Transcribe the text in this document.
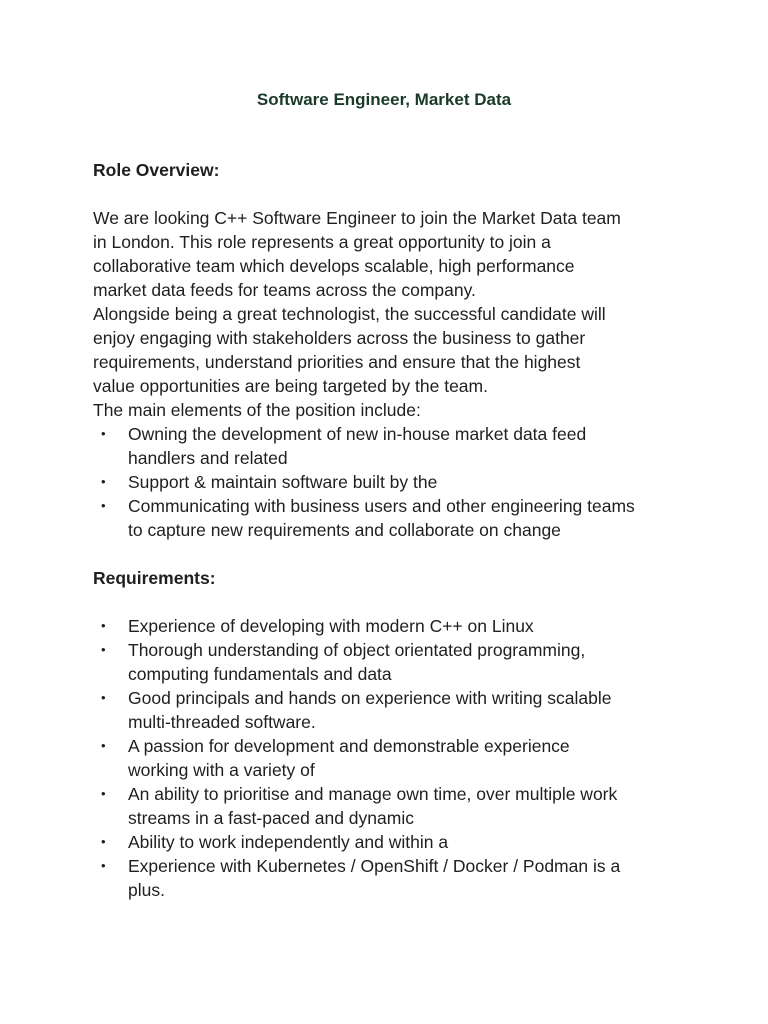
Software Engineer, Market Data
Role Overview:
We are looking C++ Software Engineer to join the Market Data team
in London. This role represents a great opportunity to join a
collaborative team which develops scalable, high performance
market data feeds for teams across the company.
Alongside being a great technologist, the successful candidate will
enjoy engaging with stakeholders across the business to gather
requirements, understand priorities and ensure that the highest
value opportunities are being targeted by the team.
The main elements of the position include:
• Owning the development of new in-house market data feed
handlers and related
• Support & maintain software built by the
• Communicating with business users and other engineering teams
to capture new requirements and collaborate on change
Requirements:
• Experience of developing with modern C++ on Linux
• Thorough understanding of object orientated programming,
computing fundamentals and data
• Good principals and hands on experience with writing scalable
multi-threaded software.
• A passion for development and demonstrable experience
working with a variety of
• An ability to prioritise and manage own time, over multiple work
streams in a fast-paced and dynamic
• Ability to work independently and within a
• Experience with Kubernetes / OpenShift / Docker / Podman is a
plus.
